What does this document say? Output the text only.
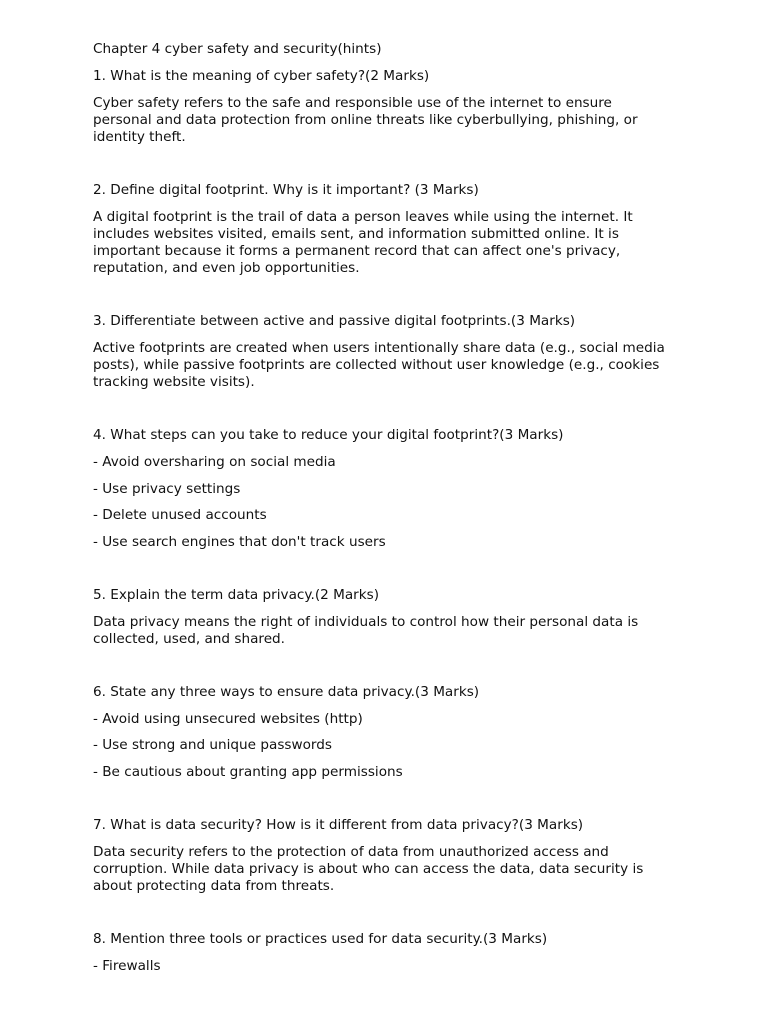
Chapter 4 cyber safety and security(hints)

1. What is the meaning of cyber safety?(2 Marks)

Cyber safety refers to the safe and responsible use of the internet to ensure personal and data protection from online threats like cyberbullying, phishing, or identity theft.

2. Define digital footprint. Why is it important? (3 Marks)

A digital footprint is the trail of data a person leaves while using the internet. It includes websites visited, emails sent, and information submitted online. It is important because it forms a permanent record that can affect one's privacy, reputation, and even job opportunities.

3. Differentiate between active and passive digital footprints.(3 Marks)

Active footprints are created when users intentionally share data (e.g., social media posts), while passive footprints are collected without user knowledge (e.g., cookies tracking website visits).

4. What steps can you take to reduce your digital footprint?(3 Marks)

- Avoid oversharing on social media

- Use privacy settings

- Delete unused accounts

- Use search engines that don't track users

5. Explain the term data privacy.(2 Marks)

Data privacy means the right of individuals to control how their personal data is collected, used, and shared.

6. State any three ways to ensure data privacy.(3 Marks)

- Avoid using unsecured websites (http)

- Use strong and unique passwords

- Be cautious about granting app permissions

7. What is data security? How is it different from data privacy?(3 Marks)

Data security refers to the protection of data from unauthorized access and corruption. While data privacy is about who can access the data, data security is about protecting data from threats.

8. Mention three tools or practices used for data security.(3 Marks)

- Firewalls
